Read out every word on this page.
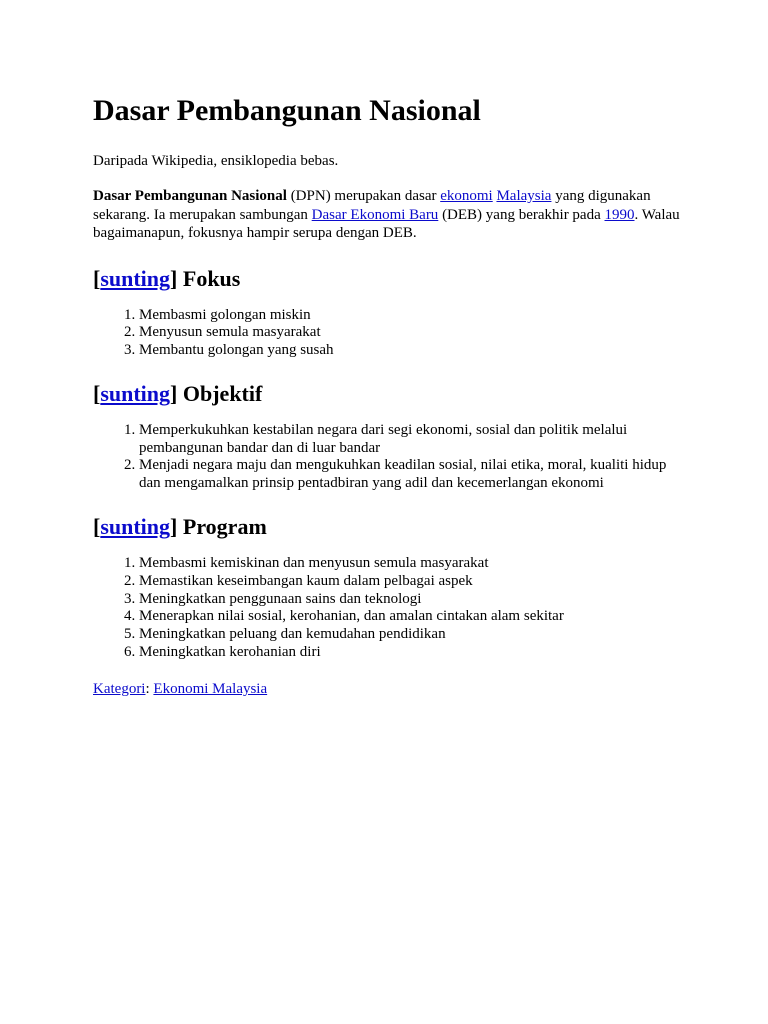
Dasar Pembangunan Nasional

Daripada Wikipedia, ensiklopedia bebas.

Dasar Pembangunan Nasional (DPN) merupakan dasar ekonomi Malaysia yang digunakan sekarang. Ia merupakan sambungan Dasar Ekonomi Baru (DEB) yang berakhir pada 1990. Walau bagaimanapun, fokusnya hampir serupa dengan DEB.

[sunting] Fokus
1. Membasmi golongan miskin
2. Menyusun semula masyarakat
3. Membantu golongan yang susah
[sunting] Objektif
1. Memperkukuhkan kestabilan negara dari segi ekonomi, sosial dan politik melalui pembangunan bandar dan di luar bandar
2. Menjadi negara maju dan mengukuhkan keadilan sosial, nilai etika, moral, kualiti hidup dan mengamalkan prinsip pentadbiran yang adil dan kecemerlangan ekonomi
[sunting] Program
1. Membasmi kemiskinan dan menyusun semula masyarakat
2. Memastikan keseimbangan kaum dalam pelbagai aspek
3. Meningkatkan penggunaan sains dan teknologi
4. Menerapkan nilai sosial, kerohanian, dan amalan cintakan alam sekitar
5. Meningkatkan peluang dan kemudahan pendidikan
6. Meningkatkan kerohanian diri

Kategori: Ekonomi Malaysia
